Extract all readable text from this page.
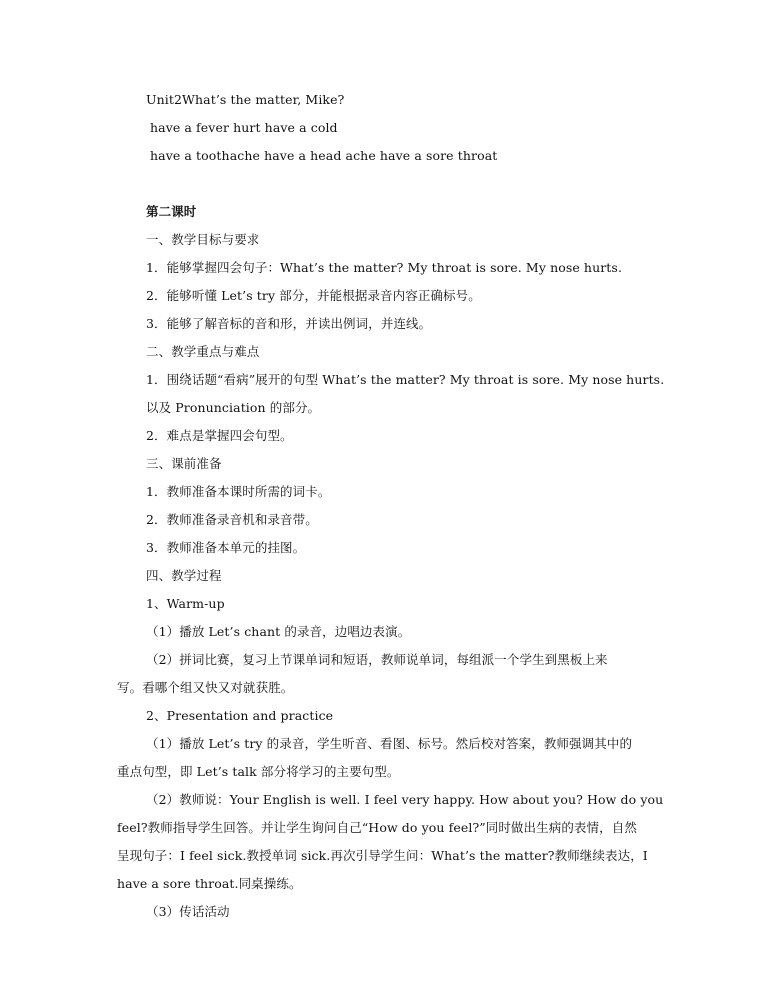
Unit2What’s the matter, Mike?
have a fever hurt have a cold
have a toothache have a head ache have a sore throat
第二课时
一、教学目标与要求
1．能够掌握四会句子：What’s the matter? My throat is sore. My nose hurts.
2．能够听懂 Let’s try 部分，并能根据录音内容正确标号。
3．能够了解音标的音和形，并读出例词，并连线。
二、教学重点与难点
1．围绕话题“看病”展开的句型 What’s the matter? My throat is sore. My nose hurts.
以及 Pronunciation 的部分。
2．难点是掌握四会句型。
三、课前准备
1．教师准备本课时所需的词卡。
2．教师准备录音机和录音带。
3．教师准备本单元的挂图。
四、教学过程
1、Warm-up
（1）播放 Let’s chant 的录音，边唱边表演。
（2）拼词比赛，复习上节课单词和短语，教师说单词，每组派一个学生到黑板上来
写。看哪个组又快又对就获胜。
2、Presentation and practice
（1）播放 Let’s try 的录音，学生听音、看图、标号。然后校对答案，教师强调其中的
重点句型，即 Let’s talk 部分将学习的主要句型。
（2）教师说：Your English is well. I feel very happy. How about you? How do you
feel?教师指导学生回答。并让学生询问自己“How do you feel?”同时做出生病的表情，自然
呈现句子：I feel sick.教授单词 sick.再次引导学生问：What’s the matter?教师继续表达，I
have a sore throat.同桌操练。
（3）传话活动
